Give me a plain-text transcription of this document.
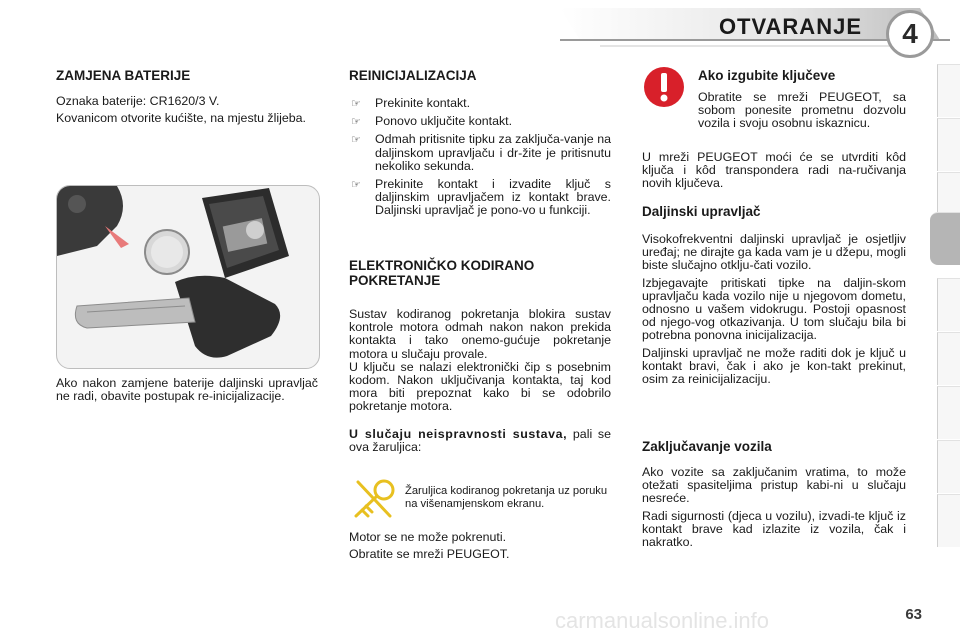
OTVARANJE	4
ZAMJENA BATERIJE
Oznaka baterije: CR1620/3 V.
Kovanicom otvorite kućište, na mjestu žlijeba.
Ako nakon zamjene baterije daljinski upravljač ne radi, obavite postupak re-inicijalizacije.
REINICIJALIZACIJA
☞	Prekinite kontakt.
☞	Ponovo uključite kontakt.
☞	Odmah pritisnite tipku za zaključa-vanje na daljinskom upravljaču i dr-žite je pritisnutu nekoliko sekunda.
☞	Prekinite kontakt i izvadite ključ s daljinskim upravljačem iz kontakt brave. Daljinski upravljač je pono-vo u funkciji.
ELEKTRONIČKO KODIRANO
POKRETANJE
Sustav kodiranog pokretanja blokira sustav kontrole motora odmah nakon nakon prekida kontakta i tako onemo-gućuje pokretanje motora u slučaju provale.
U ključu se nalazi elektronički čip s posebnim kodom. Nakon uključivanja kontakta, taj kod mora biti prepoznat kako bi se odobrilo pokretanje motora.
U slučaju neispravnosti sustava, pali se ova žaruljica:
Žaruljica kodiranog pokretanja uz poruku na višenamjenskom ekranu.
Motor se ne može pokrenuti.
Obratite se mreži PEUGEOT.
Ako izgubite ključeve
Obratite se mreži PEUGEOT, sa sobom ponesite prometnu dozvolu vozila i svoju osobnu iskaznicu.
U mreži PEUGEOT moći će se utvrditi kôd ključa i kôd transpondera radi na-ručivanja novih ključeva.
Daljinski upravljač
Visokofrekventni daljinski upravljač je osjetljiv uređaj; ne dirajte ga kada vam je u džepu, mogli biste slučajno otklju-čati vozilo.
Izbjegavajte pritiskati tipke na daljin-skom upravljaču kada vozilo nije u njegovom dometu, odnosno u vašem vidokrugu. Postoji opasnost od njego-vog otkazivanja. U tom slučaju bila bi potrebna ponovna inicijalizacija.
Daljinski upravljač ne može raditi dok je ključ u kontakt bravi, čak i ako je kon-takt prekinut, osim za reinicijalizaciju.
Zaključavanje vozila
Ako vozite sa zaključanim vratima, to može otežati spasiteljima pristup kabi-ni u slučaju nesreće.
Radi sigurnosti (djeca u vozilu), izvadi-te ključ iz kontakt brave kad izlazite iz vozila, čak i nakratko.
carmanualsonline.info	63
